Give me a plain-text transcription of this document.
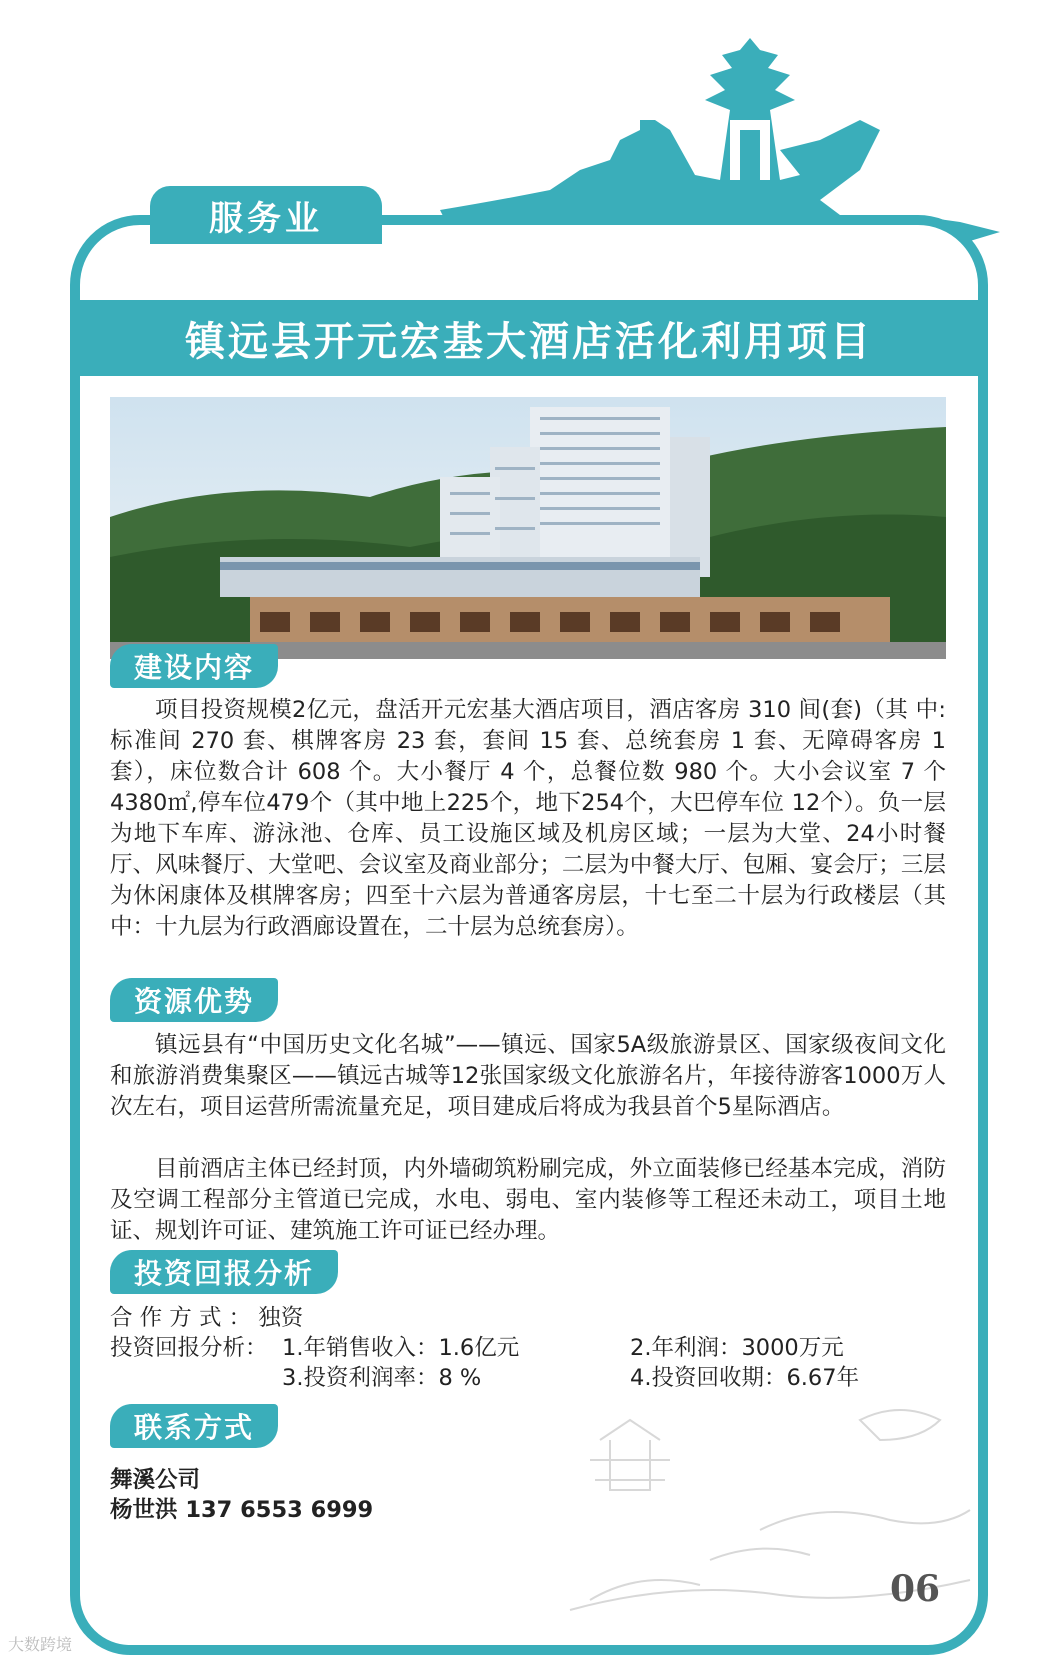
服务业
镇远县开元宏基大酒店活化利用项目
建设内容

项目投资规模2亿元，盘活开元宏基大酒店项目，酒店客房 310 间(套)（其 中:标准间 270 套、棋牌客房 23 套，套间 15 套、总统套房 1 套、无障碍客房 1 套），床位数合计 608 个。大小餐厅 4 个，总餐位数 980 个。大小会议室 7 个 4380㎡,停车位479个（其中地上225个，地下254个，大巴停车位 12个）。负一层为地下车库、游泳池、仓库、员工设施区域及机房区域；一层为大堂、24小时餐厅、风味餐厅、大堂吧、会议室及商业部分；二层为中餐大厅、包厢、宴会厅；三层为休闲康体及棋牌客房；四至十六层为普通客房层，十七至二十层为行政楼层（其中：十九层为行政酒廊设置在，二十层为总统套房）。

资源优势

镇远县有“中国历史文化名城”——镇远、国家5A级旅游景区、国家级夜间文化和旅游消费集聚区——镇远古城等12张国家级文化旅游名片，年接待游客1000万人次左右，项目运营所需流量充足，项目建成后将成为我县首个5星际酒店。

目前酒店主体已经封顶，内外墙砌筑粉刷完成，外立面装修已经基本完成，消防及空调工程部分主管道已完成，水电、弱电、室内装修等工程还未动工，项目土地证、规划许可证、建筑施工许可证已经办理。

投资回报分析
合 作 方 式 ： 独资
投资回报分析： 1.年销售收入：1.6亿元	2.年利润：3000万元
3.投资利润率：8 %	4.投资回收期：6.67年
联系方式
舞溪公司
杨世洪 137 6553 6999
06
大数跨境
